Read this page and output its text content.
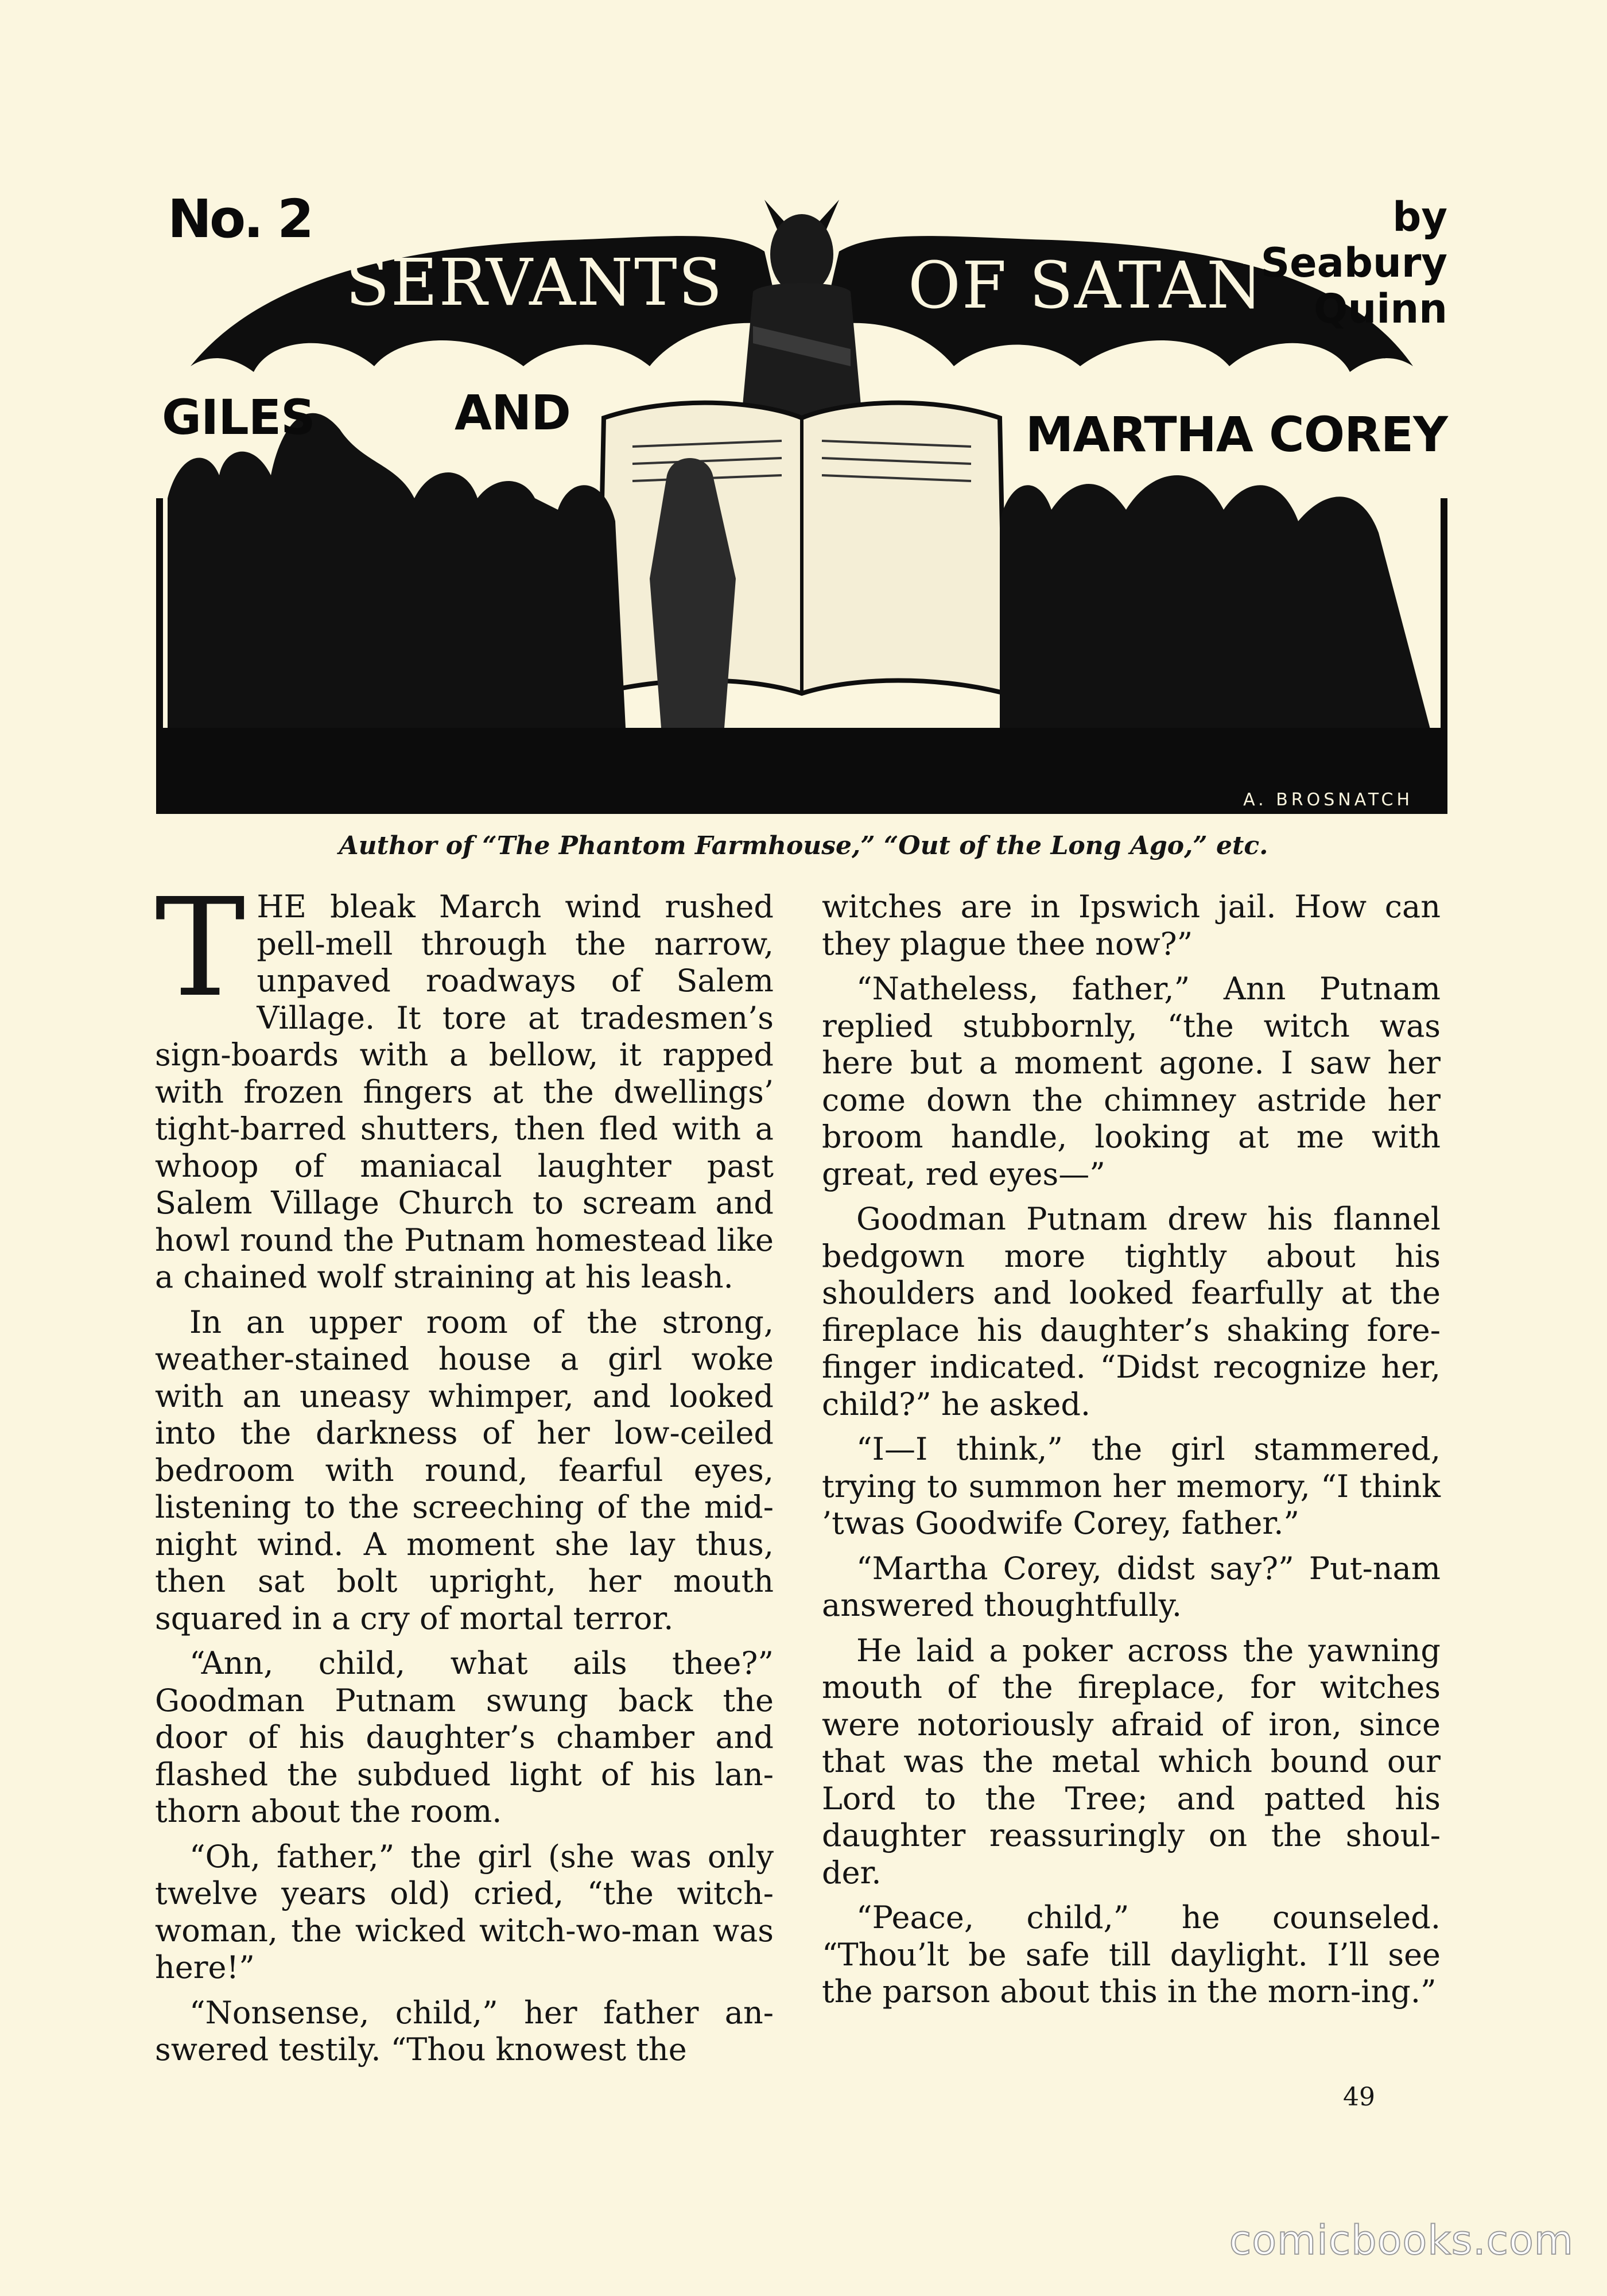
No. 2	by Seabury
Quinn
SERVANTS	OF SATAN
GILES	AND	MARTHA COREY
A. BROSNATCH
Author of “The Phantom Farmhouse,” “Out of the Long Ago,” etc.

THE bleak March wind rushed pell-mell through the narrow, unpaved roadways of Salem Village. It tore at tradesmen’s sign-boards with a bellow, it rapped with frozen fingers at the dwellings’ tight-barred shutters, then fled with a whoop of maniacal laughter past Salem Village Church to scream and howl round the Putnam homestead like a chained wolf straining at his leash.

In an upper room of the strong, weather-stained house a girl woke with an uneasy whimper, and looked into the darkness of her low-ceiled bedroom with round, fearful eyes, listening to the screeching of the mid-night wind. A moment she lay thus, then sat bolt upright, her mouth squared in a cry of mortal terror.

“Ann, child, what ails thee?” Goodman Putnam swung back the door of his daughter’s chamber and flashed the subdued light of his lan-thorn about the room.

“Oh, father,” the girl (she was only twelve years old) cried, “the witch-woman, the wicked witch-wo-man was here!”

“Nonsense, child,” her father an-swered testily. “Thou knowest the

witches are in Ipswich jail. How can they plague thee now?”

“Natheless, father,” Ann Putnam replied stubbornly, “the witch was here but a moment agone. I saw her come down the chimney astride her broom handle, looking at me with great, red eyes—”

Goodman Putnam drew his flannel bedgown more tightly about his shoulders and looked fearfully at the fireplace his daughter’s shaking fore-finger indicated. “Didst recognize her, child?” he asked.

“I—I think,” the girl stammered, trying to summon her memory, “I think ’twas Goodwife Corey, father.”

“Martha Corey, didst say?” Put-nam answered thoughtfully.

He laid a poker across the yawning mouth of the fireplace, for witches were notoriously afraid of iron, since that was the metal which bound our Lord to the Tree; and patted his daughter reassuringly on the shoul-der.

“Peace, child,” he counseled. “Thou’lt be safe till daylight. I’ll see the parson about this in the morn-ing.”

49
comicbooks.com
